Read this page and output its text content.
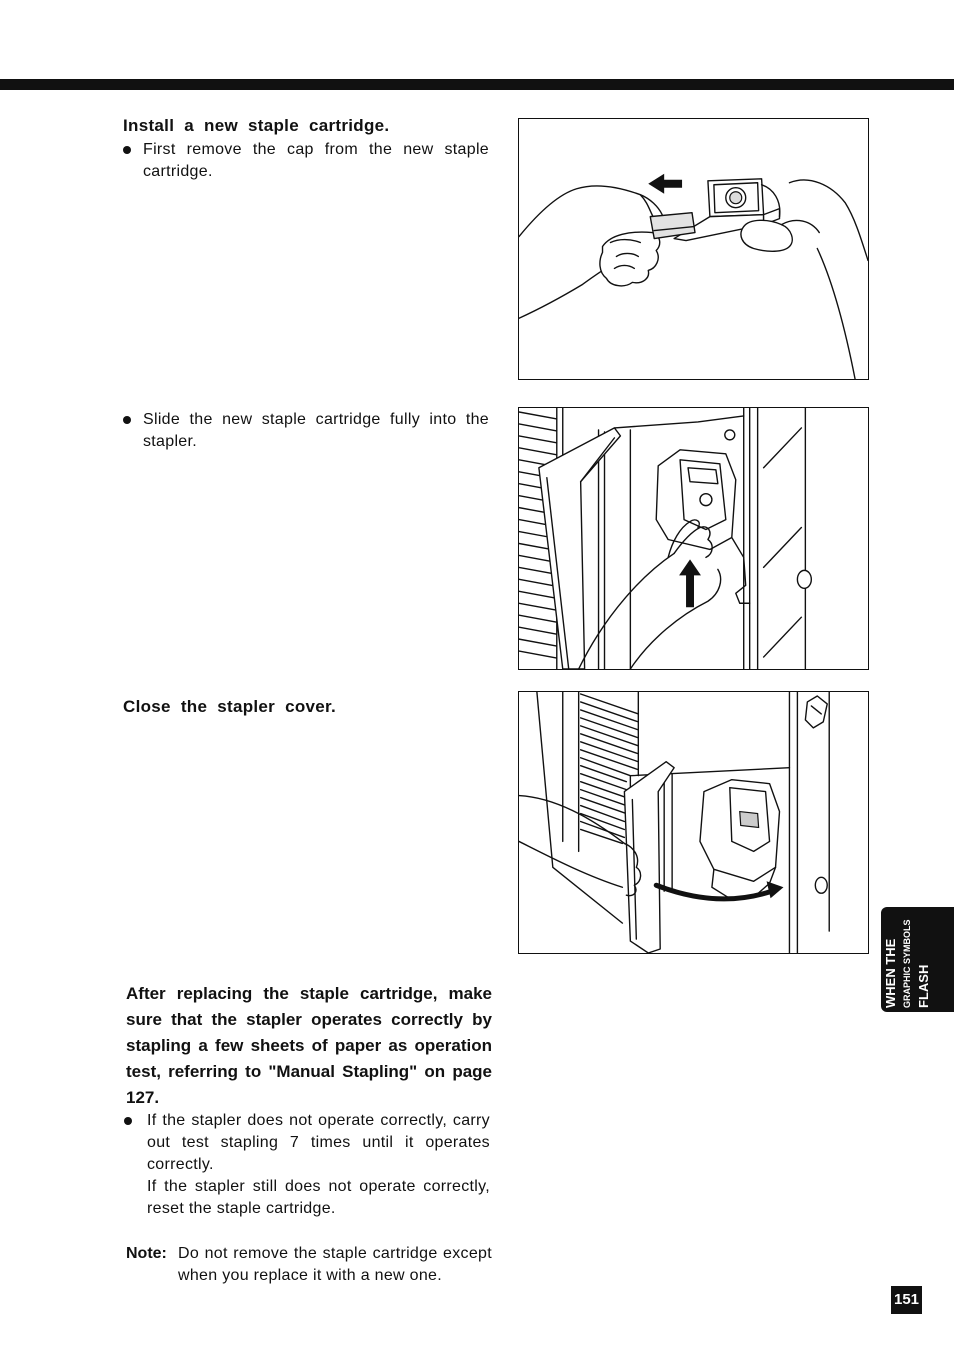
Install a new staple cartridge.

First remove the cap from the new staple cartridge.

Slide the new staple cartridge fully into the stapler.

Close the stapler cover.

After replacing the staple cartridge, make sure that the stapler operates correctly by stapling a few sheets of paper as operation test, referring to "Manual Stapling" on page 127.

If the stapler does not operate correctly, carry out test stapling 7 times until it operates correctly.

If the stapler still does not operate correctly, reset the staple cartridge.

Note: Do not remove the staple cartridge except when you replace it with a new one.

WHEN THE GRAPHIC SYMBOLS FLASH
151
